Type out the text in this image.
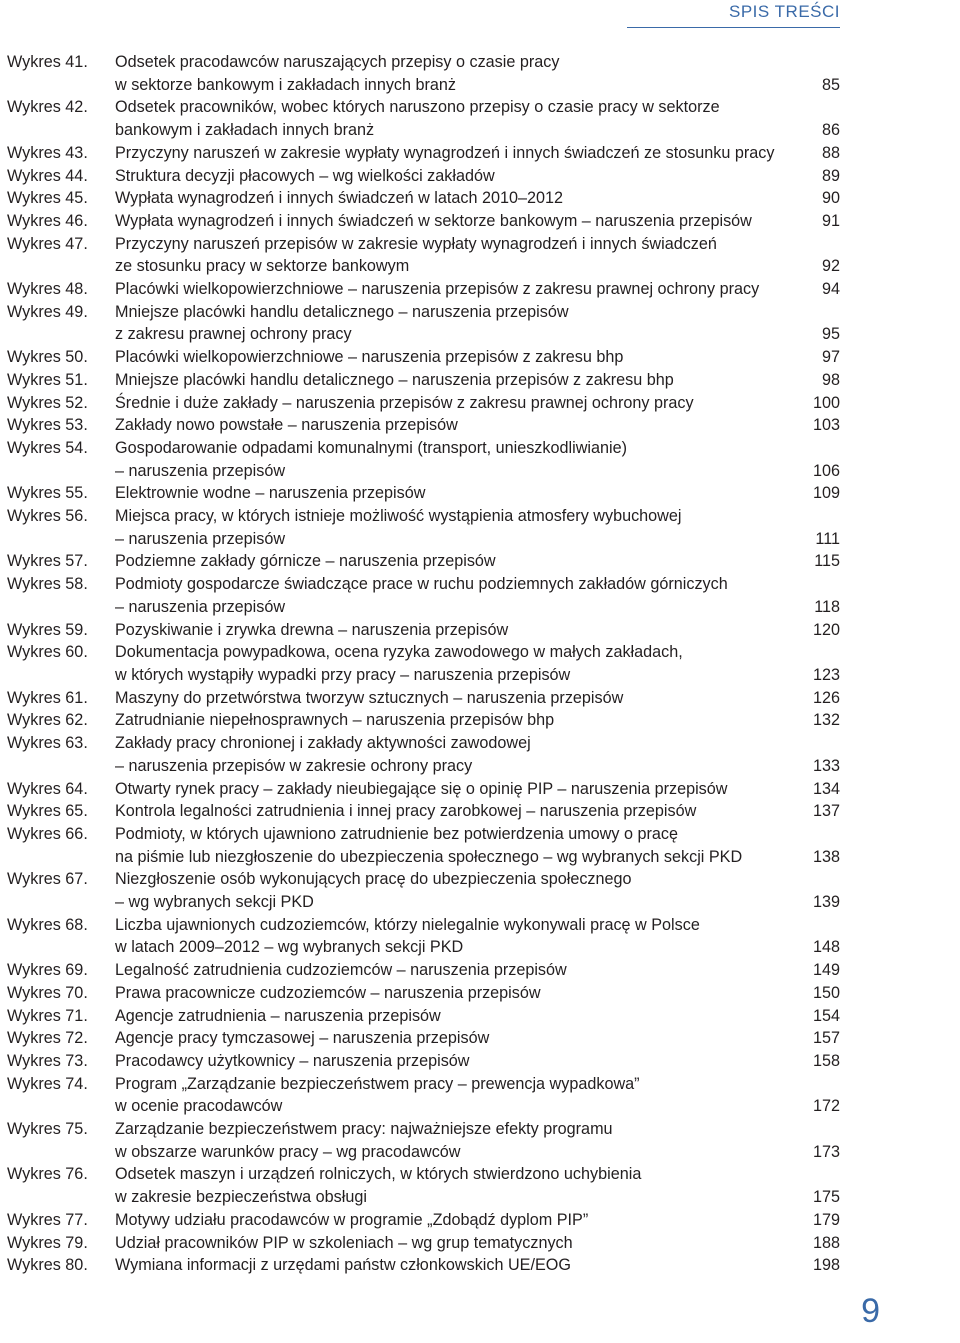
SPIS TREŚCI
Wykres 41.	Odsetek pracodawców naruszających przepisy o czasie pracy
w sektorze bankowym i zakładach innych branż	85
Wykres 42.	Odsetek pracowników, wobec których naruszono przepisy o czasie pracy w sektorze
bankowym i zakładach innych branż	86
Wykres 43.	Przyczyny naruszeń w zakresie wypłaty wynagrodzeń i innych świadczeń ze stosunku pracy	88
Wykres 44.	Struktura decyzji płacowych – wg wielkości zakładów	89
Wykres 45.	Wypłata wynagrodzeń i innych świadczeń w latach 2010–2012	90
Wykres 46.	Wypłata wynagrodzeń i innych świadczeń w sektorze bankowym – naruszenia przepisów	91
Wykres 47.	Przyczyny naruszeń przepisów w zakresie wypłaty wynagrodzeń i innych świadczeń
ze stosunku pracy w sektorze bankowym	92
Wykres 48.	Placówki wielkopowierzchniowe – naruszenia przepisów z zakresu prawnej ochrony pracy	94
Wykres 49.	Mniejsze placówki handlu detalicznego – naruszenia przepisów
z zakresu prawnej ochrony pracy	95
Wykres 50.	Placówki wielkopowierzchniowe – naruszenia przepisów z zakresu bhp	97
Wykres 51.	Mniejsze placówki handlu detalicznego – naruszenia przepisów z zakresu bhp	98
Wykres 52.	Średnie i duże zakłady – naruszenia przepisów z zakresu prawnej ochrony pracy	100
Wykres 53.	Zakłady nowo powstałe – naruszenia przepisów	103
Wykres 54.	Gospodarowanie odpadami komunalnymi (transport, unieszkodliwianie)
– naruszenia przepisów	106
Wykres 55.	Elektrownie wodne – naruszenia przepisów	109
Wykres 56.	Miejsca pracy, w których istnieje możliwość wystąpienia atmosfery wybuchowej
– naruszenia przepisów	111
Wykres 57.	Podziemne zakłady górnicze – naruszenia przepisów	115
Wykres 58.	Podmioty gospodarcze świadczące prace w ruchu podziemnych zakładów górniczych
– naruszenia przepisów	118
Wykres 59.	Pozyskiwanie i zrywka drewna – naruszenia przepisów	120
Wykres 60.	Dokumentacja powypadkowa, ocena ryzyka zawodowego w małych zakładach,
w których wystąpiły wypadki przy pracy – naruszenia przepisów	123
Wykres 61.	Maszyny do przetwórstwa tworzyw sztucznych – naruszenia przepisów	126
Wykres 62.	Zatrudnianie niepełnosprawnych – naruszenia przepisów bhp	132
Wykres 63.	Zakłady pracy chronionej i zakłady aktywności zawodowej
– naruszenia przepisów w zakresie ochrony pracy	133
Wykres 64.	Otwarty rynek pracy – zakłady nieubiegające się o opinię PIP – naruszenia przepisów	134
Wykres 65.	Kontrola legalności zatrudnienia i innej pracy zarobkowej – naruszenia przepisów	137
Wykres 66.	Podmioty, w których ujawniono zatrudnienie bez potwierdzenia umowy o pracę
na piśmie lub niezgłoszenie do ubezpieczenia społecznego – wg wybranych sekcji PKD	138
Wykres 67.	Niezgłoszenie osób wykonujących pracę do ubezpieczenia społecznego
– wg wybranych sekcji PKD	139
Wykres 68.	Liczba ujawnionych cudzoziemców, którzy nielegalnie wykonywali pracę w Polsce
w latach 2009–2012 – wg wybranych sekcji PKD	148
Wykres 69.	Legalność zatrudnienia cudzoziemców – naruszenia przepisów	149
Wykres 70.	Prawa pracownicze cudzoziemców – naruszenia przepisów	150
Wykres 71.	Agencje zatrudnienia – naruszenia przepisów	154
Wykres 72.	Agencje pracy tymczasowej – naruszenia przepisów	157
Wykres 73.	Pracodawcy użytkownicy – naruszenia przepisów	158
Wykres 74.	Program „Zarządzanie bezpieczeństwem pracy – prewencja wypadkowa”
w ocenie pracodawców	172
Wykres 75.	Zarządzanie bezpieczeństwem pracy: najważniejsze efekty programu
w obszarze warunków pracy – wg pracodawców	173
Wykres 76.	Odsetek maszyn i urządzeń rolniczych, w których stwierdzono uchybienia
w zakresie bezpieczeństwa obsługi	175
Wykres 77.	Motywy udziału pracodawców w programie „Zdobądź dyplom PIP”	179
Wykres 79.	Udział pracowników PIP w szkoleniach – wg grup tematycznych	188
Wykres 80.	Wymiana informacji z urzędami państw członkowskich UE/EOG	198
9
